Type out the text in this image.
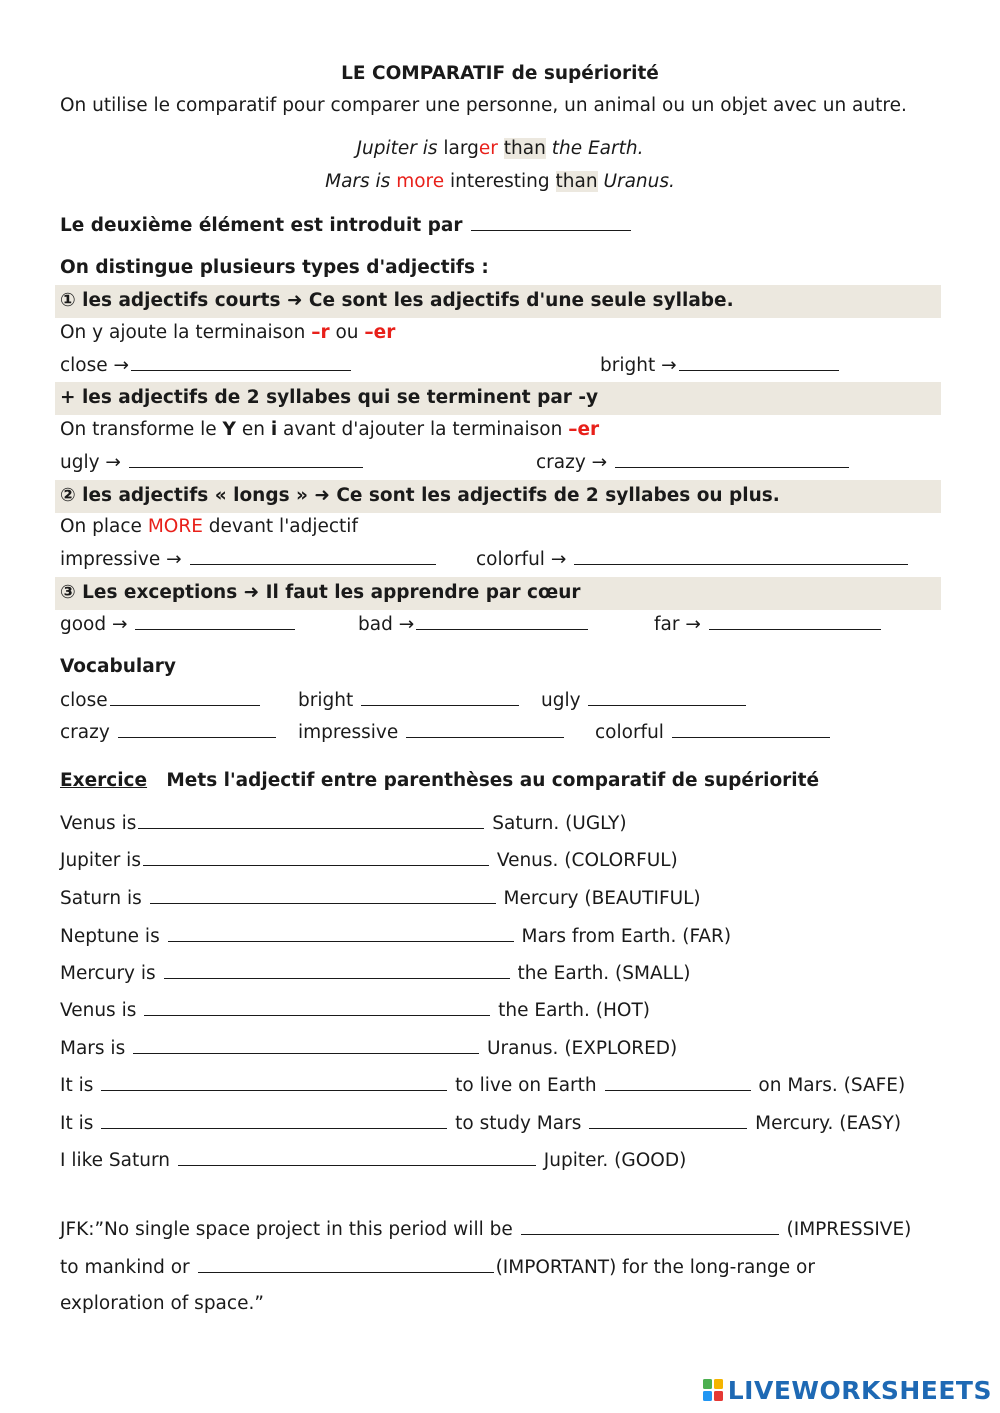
LE COMPARATIF de supériorité
On utilise le comparatif pour comparer une personne, un animal ou un objet avec un autre.
Jupiter is larger than the Earth.
Mars is more interesting than Uranus.
Le deuxième élément est introduit par
On distingue plusieurs types d'adjectifs :
① les adjectifs courts ➜ Ce sont les adjectifs d'une seule syllabe.
On y ajoute la terminaison –r ou –er
close →	bright →
+ les adjectifs de 2 syllabes qui se terminent par -y
On transforme le Y en i avant d'ajouter la terminaison –er
ugly →	crazy →
② les adjectifs « longs » ➜ Ce sont les adjectifs de 2 syllabes ou plus.
On place MORE devant l'adjectif
impressive →	colorful →
③ Les exceptions ➜ Il faut les apprendre par cœur
good →	bad →	far →
Vocabulary
close	bright	ugly
crazy	impressive	colorful
Exercice Mets l'adjectif entre parenthèses au comparatif de supériorité
Venus is	Saturn. (UGLY)
Jupiter is	Venus. (COLORFUL)
Saturn is	Mercury (BEAUTIFUL)
Neptune is	Mars from Earth. (FAR)
Mercury is	the Earth. (SMALL)
Venus is	the Earth. (HOT)
Mars is	Uranus. (EXPLORED)
It is	to live on Earth	on Mars. (SAFE)
It is	to study Mars	Mercury. (EASY)
I like Saturn	Jupiter. (GOOD)
JFK:”No single space project in this period will be	(IMPRESSIVE)
to mankind or	(IMPORTANT) for the long-range or
exploration of space.”
LIVEWORKSHEETS
